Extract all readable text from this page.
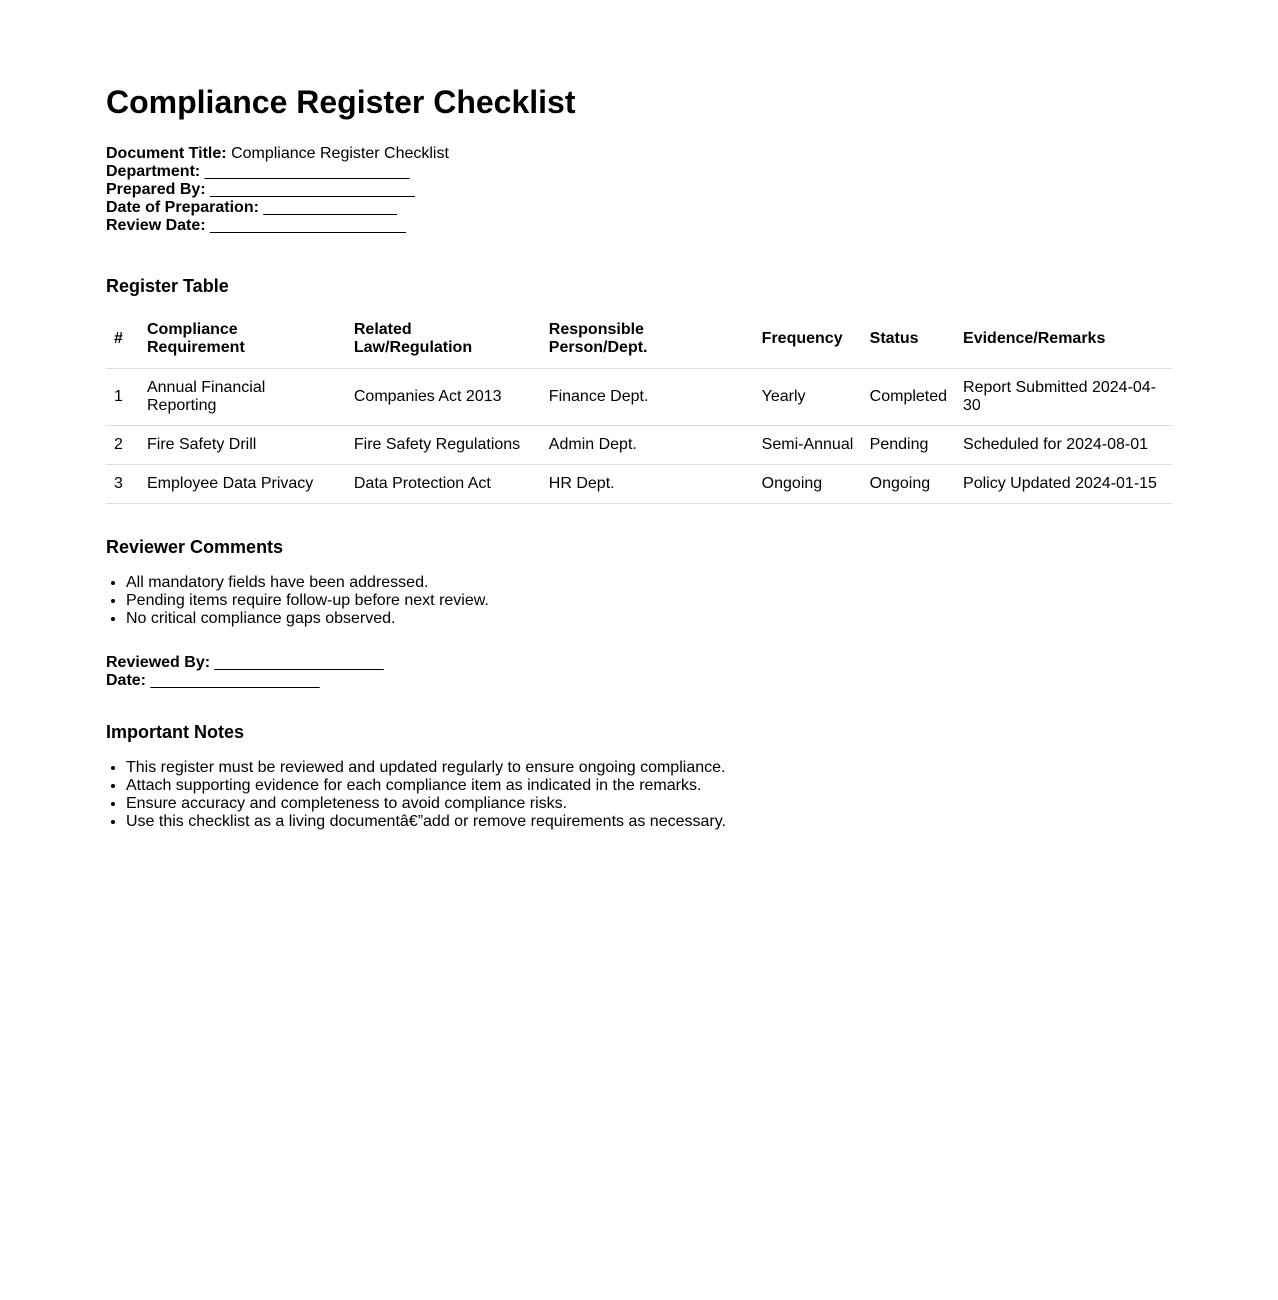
Compliance Register Checklist
Document Title: Compliance Register Checklist
Department: _______________________
Prepared By: _______________________
Date of Preparation: _______________
Review Date: ______________________
Register Table
#	Compliance Requirement	Related Law/Regulation	Responsible Person/Dept.	Frequency	Status	Evidence/Remarks
1	Annual Financial Reporting	Companies Act 2013	Finance Dept.	Yearly	Completed	Report Submitted 2024-04-30
2	Fire Safety Drill	Fire Safety Regulations	Admin Dept.	Semi-Annual	Pending	Scheduled for 2024-08-01
3	Employee Data Privacy	Data Protection Act	HR Dept.	Ongoing	Ongoing	Policy Updated 2024-01-15
Reviewer Comments
• All mandatory fields have been addressed.
• Pending items require follow-up before next review.
• No critical compliance gaps observed.
Reviewed By: ___________________
Date: ___________________
Important Notes
• This register must be reviewed and updated regularly to ensure ongoing compliance.
• Attach supporting evidence for each compliance item as indicated in the remarks.
• Ensure accuracy and completeness to avoid compliance risks.
• Use this checklist as a living documentâ€”add or remove requirements as necessary.
